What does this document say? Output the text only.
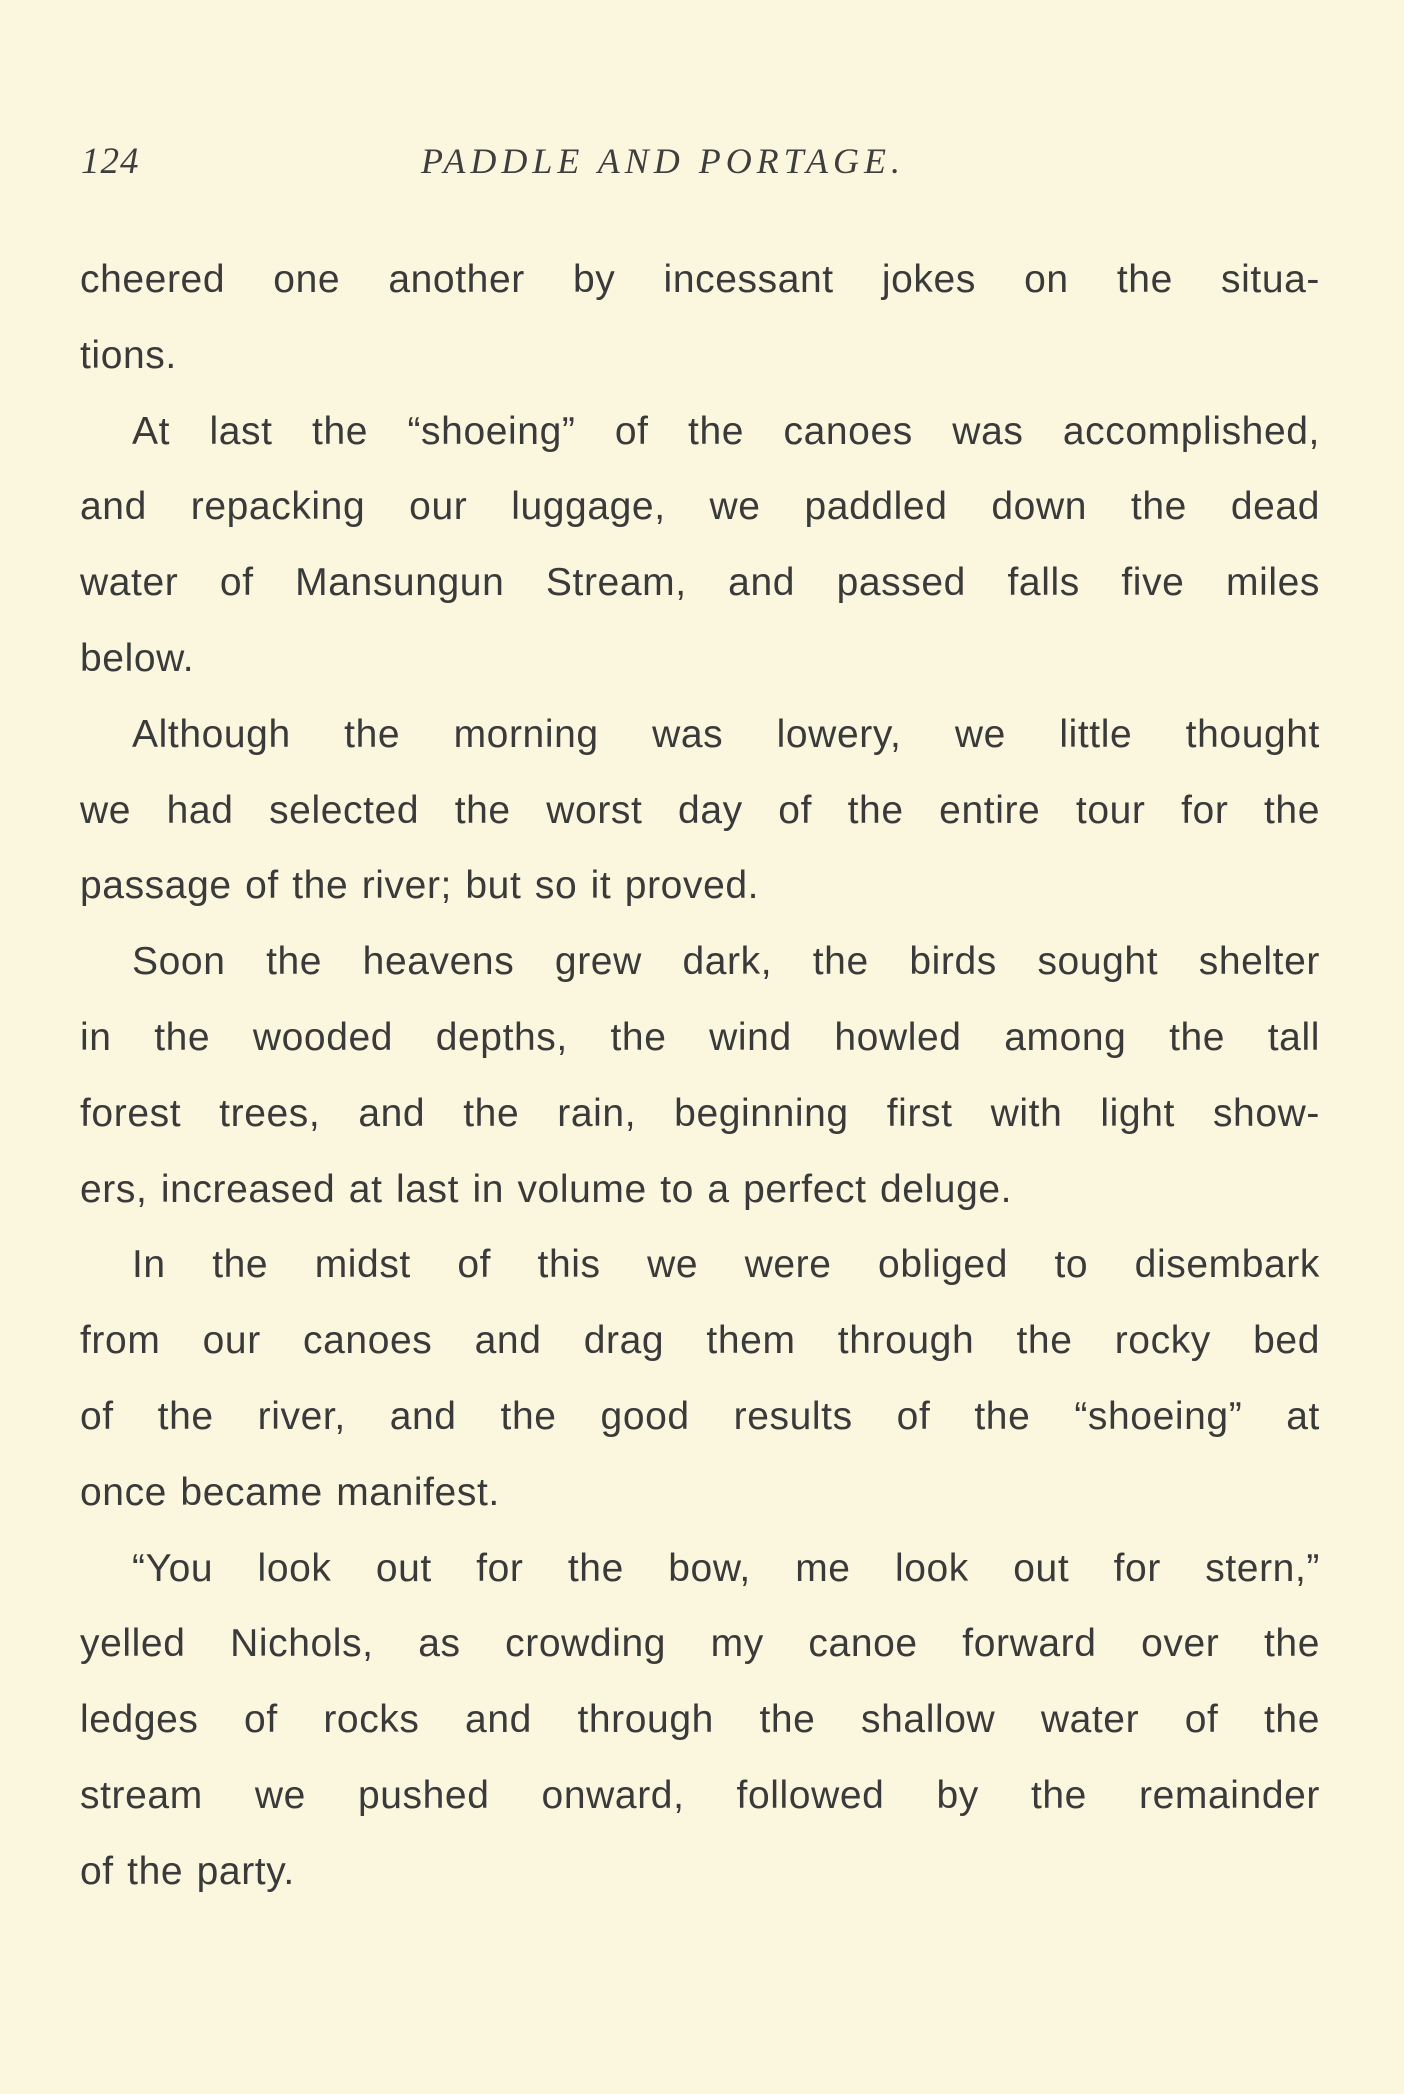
124	PADDLE AND PORTAGE.
cheered one another by incessant jokes on the situa-
tions.
At last the “shoeing” of the canoes was accomplished,
and repacking our luggage, we paddled down the dead
water of Mansungun Stream, and passed falls five miles
below.
Although the morning was lowery, we little thought
we had selected the worst day of the entire tour for the
passage of the river; but so it proved.
Soon the heavens grew dark, the birds sought shelter
in the wooded depths, the wind howled among the tall
forest trees, and the rain, beginning first with light show-
ers, increased at last in volume to a perfect deluge.
In the midst of this we were obliged to disembark
from our canoes and drag them through the rocky bed
of the river, and the good results of the “shoeing” at
once became manifest.
“You look out for the bow, me look out for stern,”
yelled Nichols, as crowding my canoe forward over the
ledges of rocks and through the shallow water of the
stream we pushed onward, followed by the remainder
of the party.
